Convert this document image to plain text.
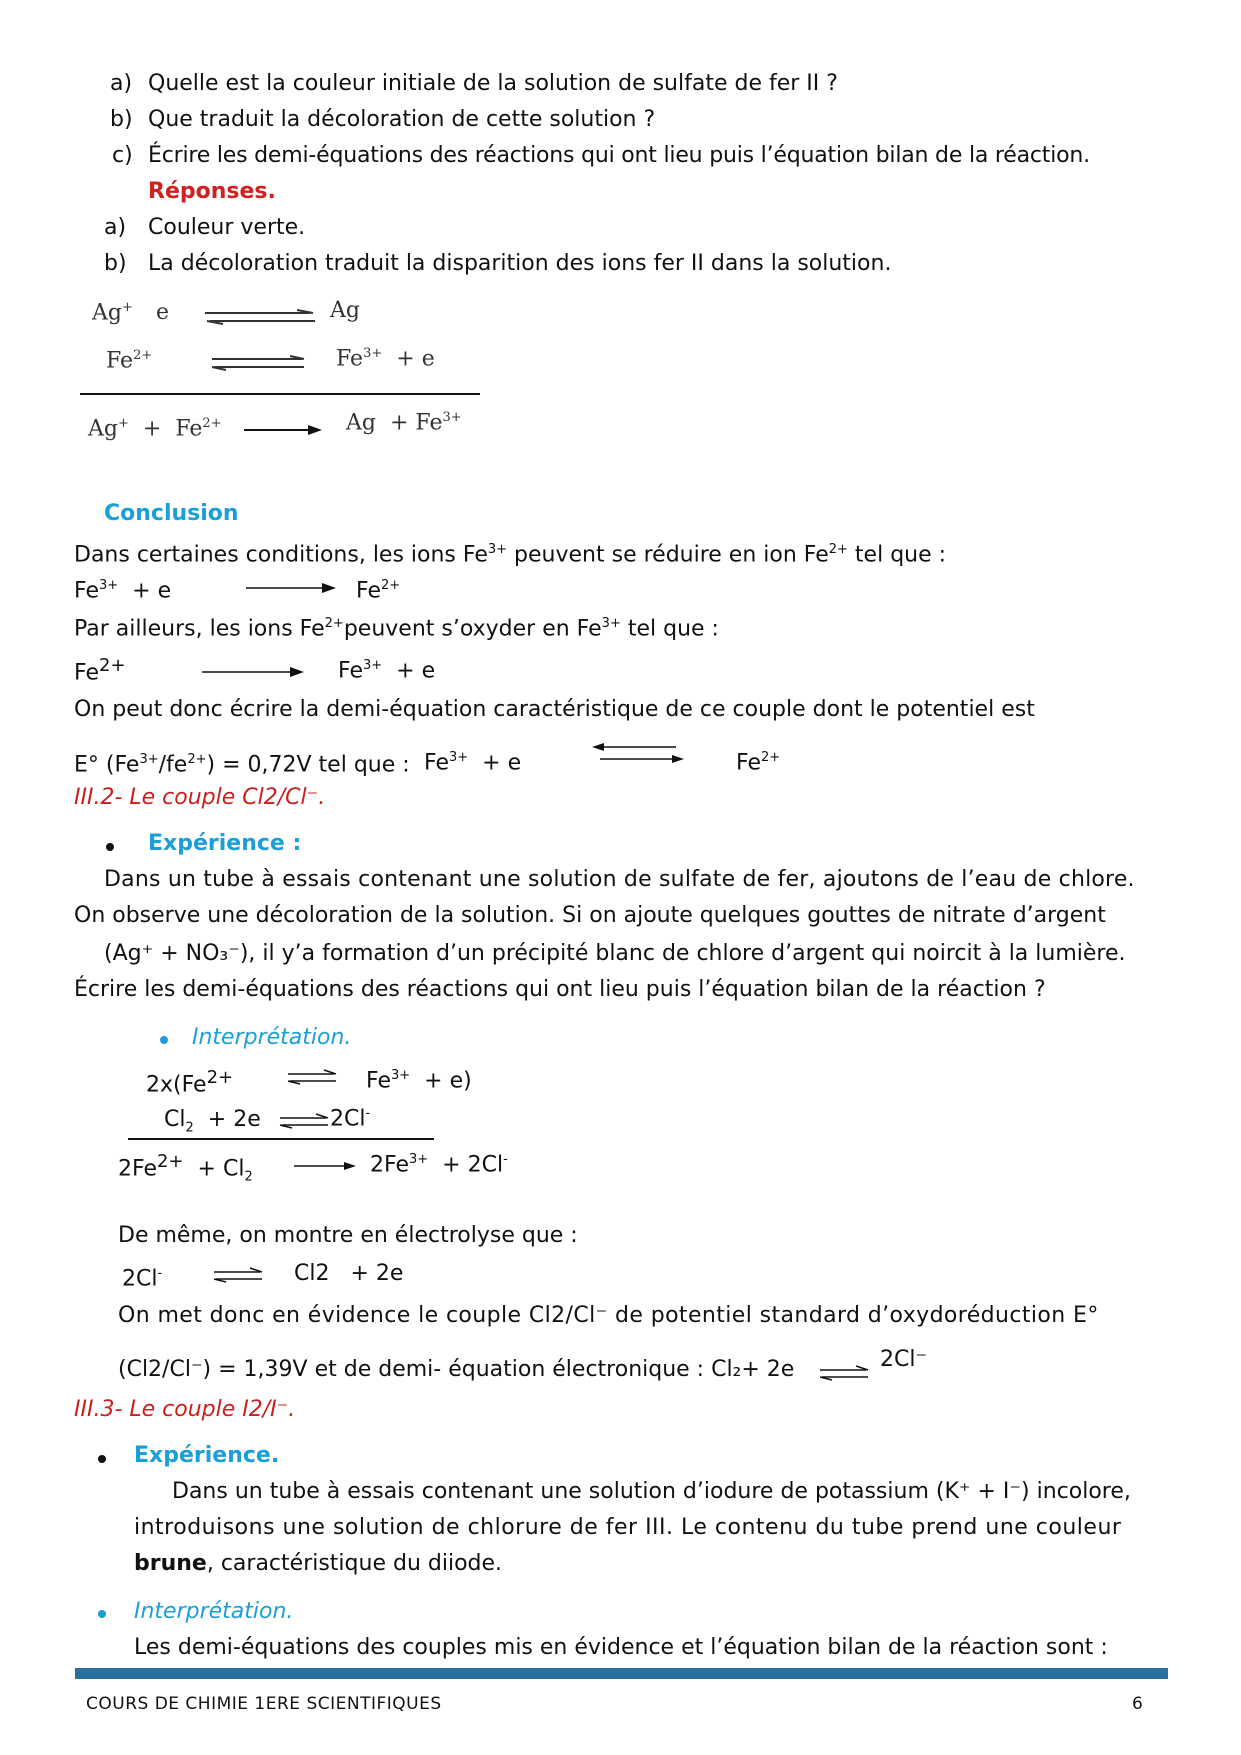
a) Quelle est la couleur initiale de la solution de sulfate de fer II ?
b) Que traduit la décoloration de cette solution ?
c) Écrire les demi-équations des réactions qui ont lieu puis l’équation bilan de la réaction.
Réponses.
a) Couleur verte.
b) La décoloration traduit la disparition des ions fer II dans la solution.
Ag+ e	Ag
$Fe^{2+}$	$Fe^{3+} + e$
$Ag^+ + Fe^{2+}$	$Ag + Fe^{3+}$
Conclusion
Dans certaines conditions, les ions $Fe^{3+}$ peuvent se réduire en ion $Fe^{2+}$ tel que :
$Fe^{3+} + e$	$Fe^{2+}$
Par ailleurs, les ions $Fe^{2+}peuvent$ s’oxyder en $Fe^{3+}$ tel que :
$Fe^{2+}$	$Fe^{3+} + e$
On peut donc écrire la demi-équation caractéristique de ce couple dont le potentiel est
E° $(Fe^{3+}/fe^{2+}) = 0,72V$ tel que : $Fe^{3+} + e$	$Fe^{2+}$
III.2- Le couple Cl2/Cl⁻.
Expérience :
Dans un tube à essais contenant une solution de sulfate de fer, ajoutons de l’eau de chlore.
On observe une décoloration de la solution. Si on ajoute quelques gouttes de nitrate d’argent
(Ag⁺ + NO₃⁻), il y’a formation d’un précipité blanc de chlore d’argent qui noircit à la lumière.
Écrire les demi-équations des réactions qui ont lieu puis l’équation bilan de la réaction ?
Interprétation.
$2x(Fe^{2+}$	$Fe^{3+} + e$)
$Cl_2 + 2e$ ⇌ 2Cl-
$2Fe^{2+} + Cl_2$	$2Fe^{3+} + 2Cl^-$
De même, on montre en électrolyse que :
2Cl-	Cl2 + 2e
On met donc en évidence le couple Cl2/Cl⁻ de potentiel standard d’oxydoréduction E°
(Cl2/Cl⁻) = 1,39V et de demi- équation électronique : Cl₂+ 2e	2Cl⁻
III.3- Le couple I2/I⁻.
Expérience.
Dans un tube à essais contenant une solution d’iodure de potassium (K⁺ + I⁻) incolore,
introduisons une solution de chlorure de fer III. Le contenu du tube prend une couleur
brune, caractéristique du diiode.
Interprétation.
Les demi-équations des couples mis en évidence et l’équation bilan de la réaction sont :
COURS DE CHIMIE 1ERE SCIENTIFIQUES	6
